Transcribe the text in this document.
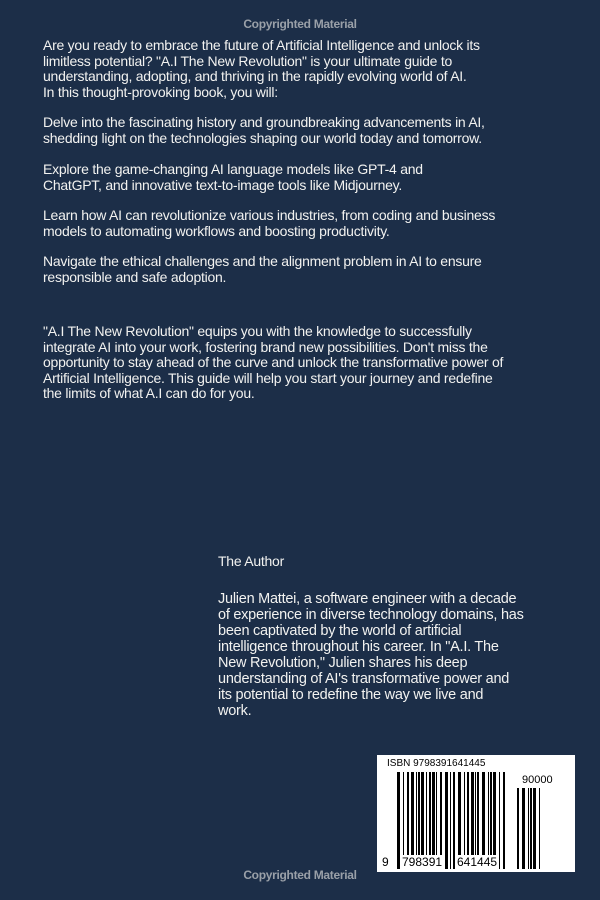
Copyrighted Material
Copyrighted Material
Are you ready to embrace the future of Artificial Intelligence and unlock its
limitless potential? "A.I The New Revolution" is your ultimate guide to
understanding, adopting, and thriving in the rapidly evolving world of AI.
In this thought-provoking book, you will:
Delve into the fascinating history and groundbreaking advancements in AI,
shedding light on the technologies shaping our world today and tomorrow.
Explore the game-changing AI language models like GPT-4 and
ChatGPT, and innovative text-to-image tools like Midjourney.
Learn how AI can revolutionize various industries, from coding and business
models to automating workflows and boosting productivity.
Navigate the ethical challenges and the alignment problem in AI to ensure
responsible and safe adoption.
"A.I The New Revolution" equips you with the knowledge to successfully
integrate AI into your work, fostering brand new possibilities. Don't miss the
opportunity to stay ahead of the curve and unlock the transformative power of
Artificial Intelligence. This guide will help you start your journey and redefine
the limits of what A.I can do for you.
The Author
Julien Mattei, a software engineer with a decade
of experience in diverse technology domains, has
been captivated by the world of artificial
intelligence throughout his career. In "A.I. The
New Revolution," Julien shares his deep
understanding of AI's transformative power and
its potential to redefine the way we live and
work.
ISBN 9798391641445
90000
9 798391 641445
